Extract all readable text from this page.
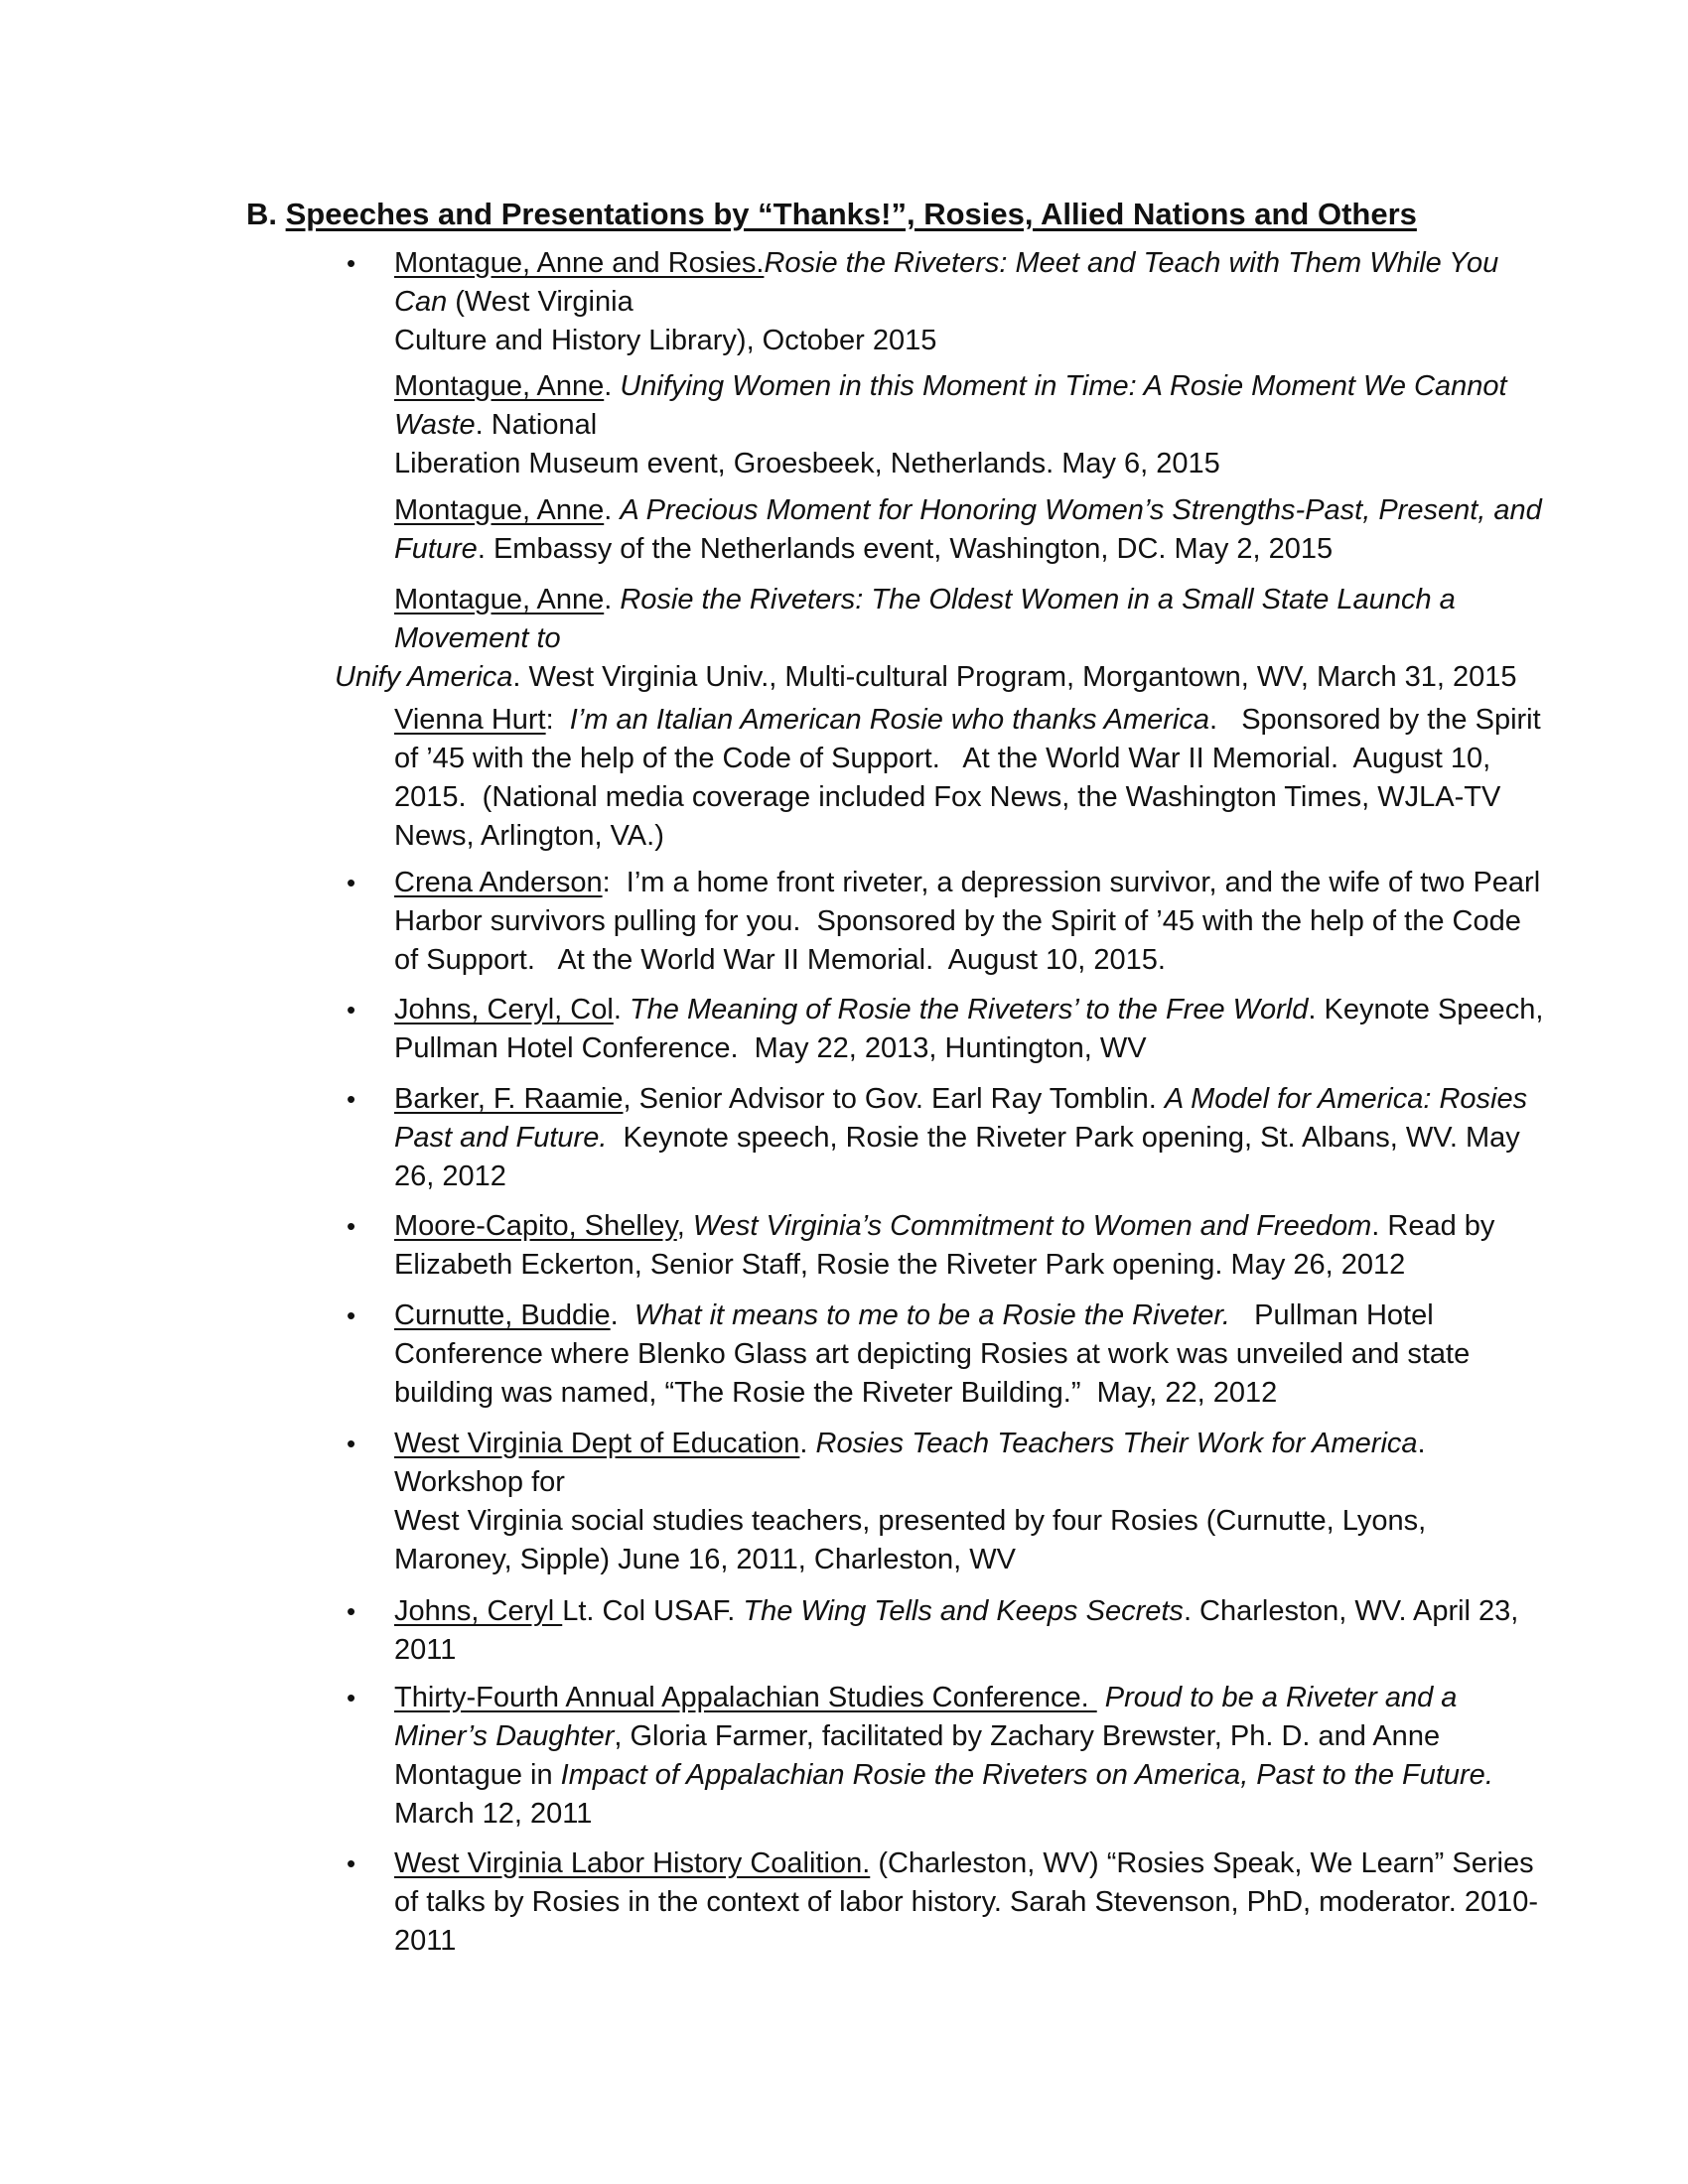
B. Speeches and Presentations by “Thanks!”, Rosies, Allied Nations and Others
• Montague, Anne and Rosies.Rosie the Riveters: Meet and Teach with Them While You
Can (West Virginia
Culture and History Library), October 2015
Montague, Anne. Unifying Women in this Moment in Time: A Rosie Moment We Cannot
Waste. National
Liberation Museum event, Groesbeek, Netherlands. May 6, 2015
Montague, Anne. A Precious Moment for Honoring Women’s Strengths-Past, Present, and
Future. Embassy of the Netherlands event, Washington, DC. May 2, 2015
Montague, Anne. Rosie the Riveters: The Oldest Women in a Small State Launch a
Movement to
Unify America. West Virginia Univ., Multi-cultural Program, Morgantown, WV, March 31, 2015
Vienna Hurt:  I’m an Italian American Rosie who thanks America.   Sponsored by the Spirit
of ’45 with the help of the Code of Support.   At the World War II Memorial.  August 10,
2015.  (National media coverage included Fox News, the Washington Times, WJLA-TV
News, Arlington, VA.)
• Crena Anderson:  I’m a home front riveter, a depression survivor, and the wife of two Pearl
Harbor survivors pulling for you.  Sponsored by the Spirit of ’45 with the help of the Code
of Support.   At the World War II Memorial.  August 10, 2015.
• Johns, Ceryl, Col. The Meaning of Rosie the Riveters’ to the Free World. Keynote Speech,
Pullman Hotel Conference.  May 22, 2013, Huntington, WV
• Barker, F. Raamie, Senior Advisor to Gov. Earl Ray Tomblin. A Model for America: Rosies
Past and Future.  Keynote speech, Rosie the Riveter Park opening, St. Albans, WV. May
26, 2012
• Moore-Capito, Shelley, West Virginia’s Commitment to Women and Freedom. Read by
Elizabeth Eckerton, Senior Staff, Rosie the Riveter Park opening. May 26, 2012
• Curnutte, Buddie.  What it means to me to be a Rosie the Riveter.   Pullman Hotel
Conference where Blenko Glass art depicting Rosies at work was unveiled and state
building was named, “The Rosie the Riveter Building.”  May, 22, 2012
• West Virginia Dept of Education. Rosies Teach Teachers Their Work for America.
Workshop for
West Virginia social studies teachers, presented by four Rosies (Curnutte, Lyons,
Maroney, Sipple) June 16, 2011, Charleston, WV
• Johns, Ceryl Lt. Col USAF. The Wing Tells and Keeps Secrets. Charleston, WV. April 23,
2011
• Thirty-Fourth Annual Appalachian Studies Conference.  Proud to be a Riveter and a
Miner’s Daughter, Gloria Farmer, facilitated by Zachary Brewster, Ph. D. and Anne
Montague in Impact of Appalachian Rosie the Riveters on America, Past to the Future.
March 12, 2011
• West Virginia Labor History Coalition. (Charleston, WV) “Rosies Speak, We Learn” Series
of talks by Rosies in the context of labor history. Sarah Stevenson, PhD, moderator. 2010-
2011
